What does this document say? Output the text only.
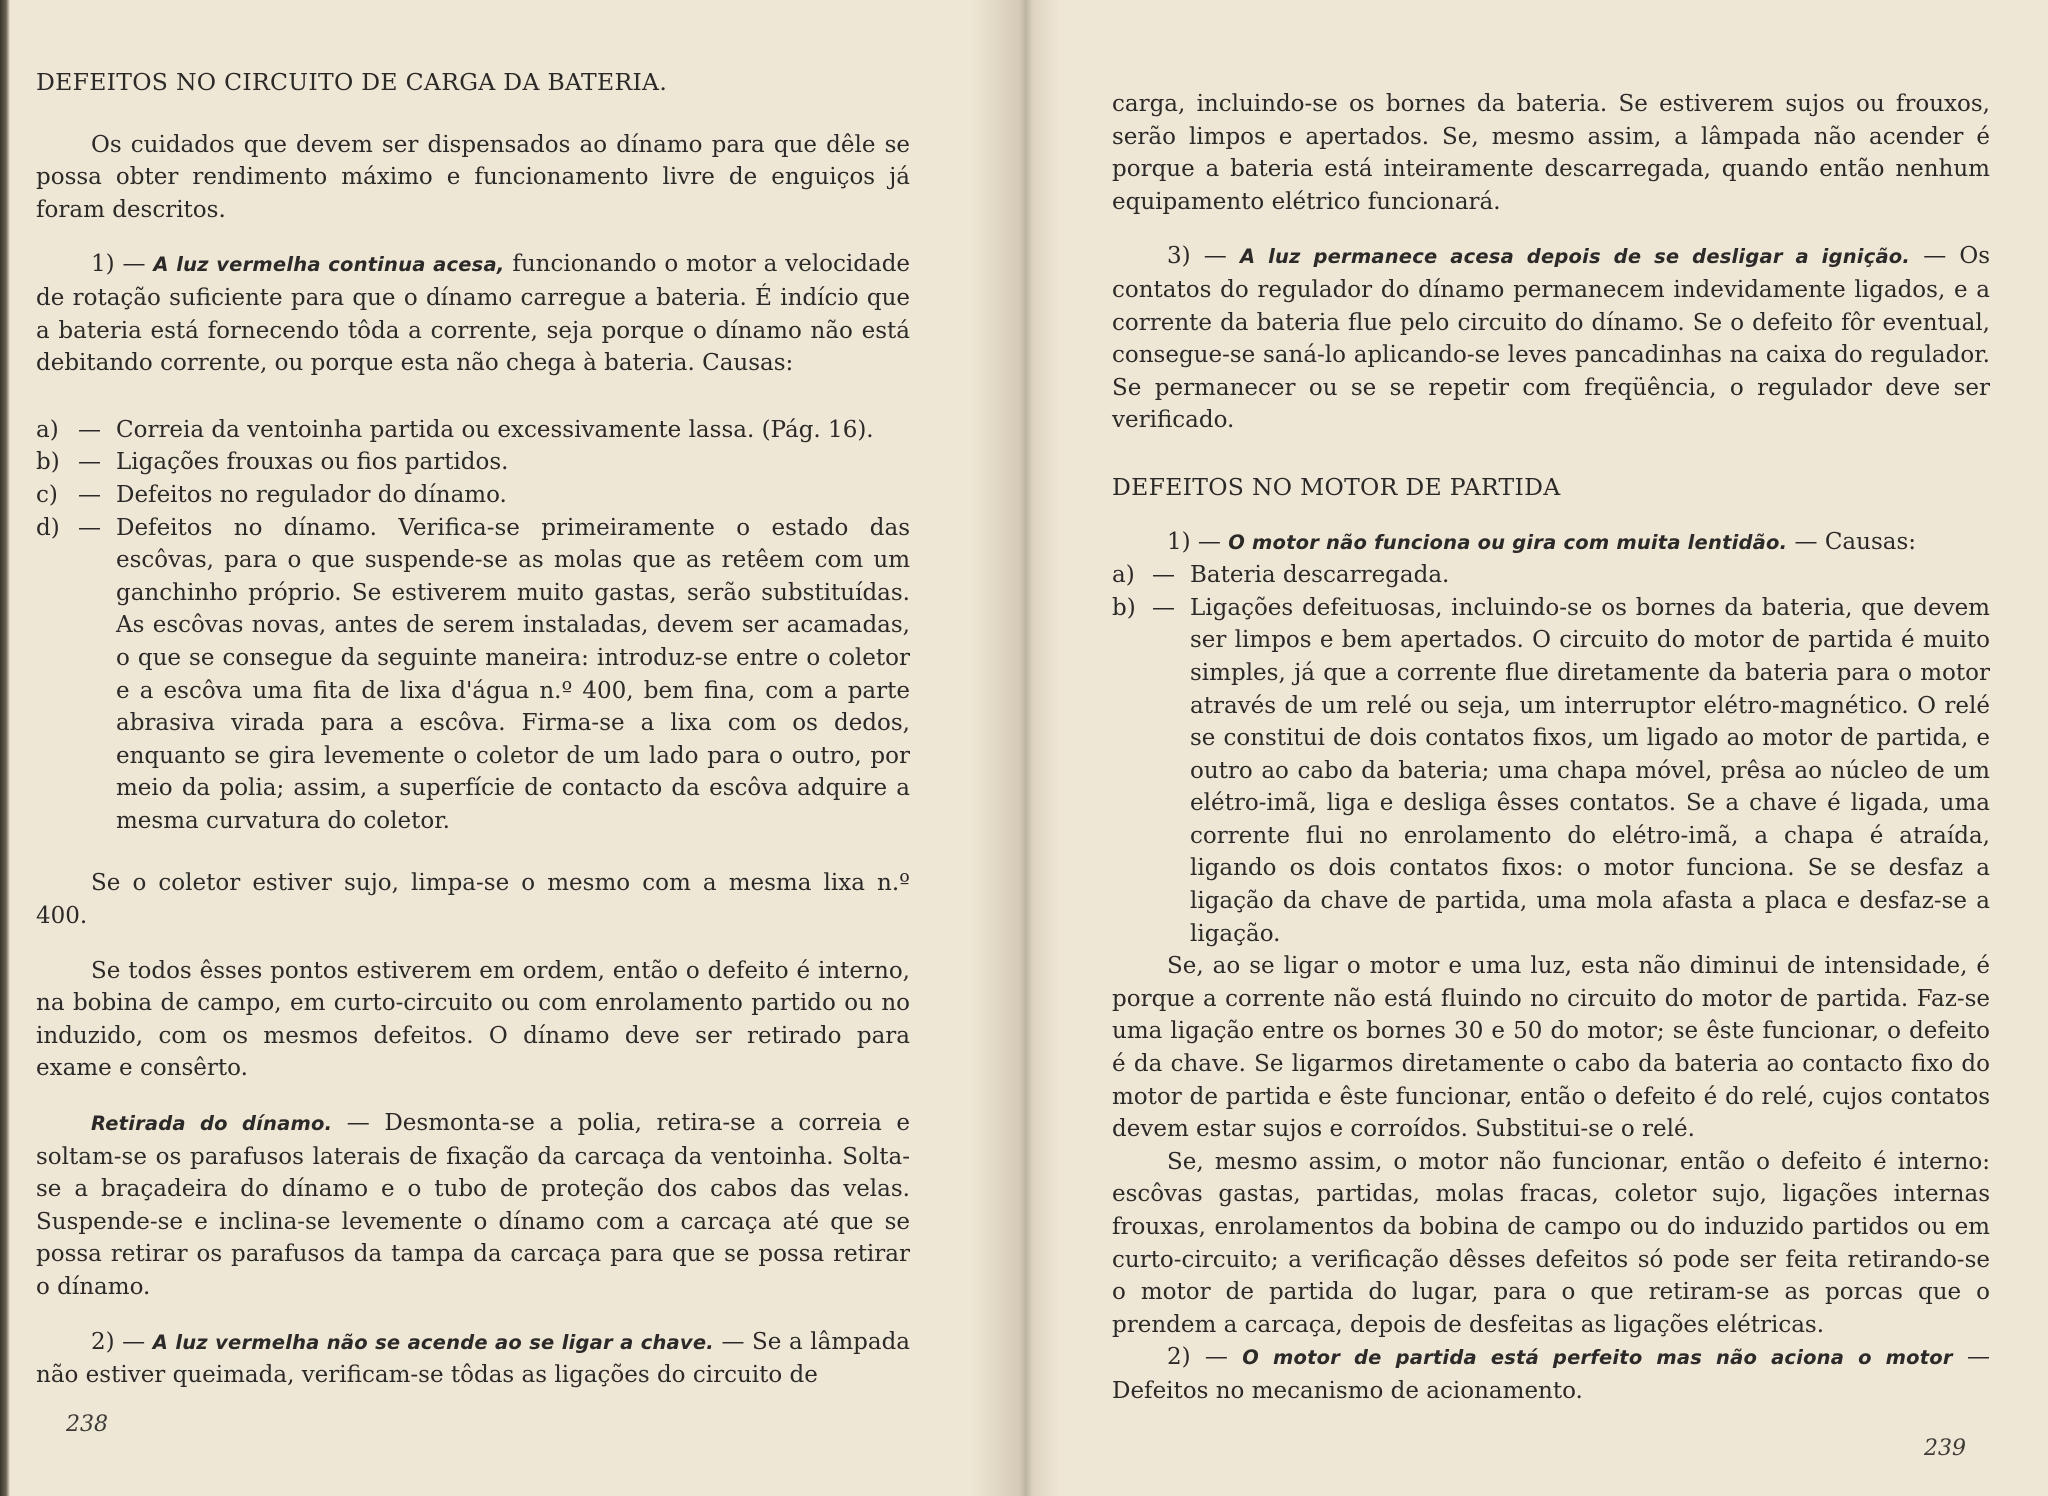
DEFEITOS NO CIRCUITO DE CARGA DA BATERIA.

Os cuidados que devem ser dispensados ao dínamo para que dêle se possa obter rendimento máximo e funcionamento livre de enguiços já foram descritos.

1) — A luz vermelha continua acesa, funcionando o motor a velocidade de rotação suficiente para que o dínamo carregue a bateria. É indício que a bateria está fornecendo tôda a corrente, seja porque o dínamo não está debitando corrente, ou porque esta não chega à bateria. Causas:

a) — Correia da ventoinha partida ou excessivamente lassa. (Pág. 16).
b) — Ligações frouxas ou fios partidos.
c) — Defeitos no regulador do dínamo.
d) — Defeitos no dínamo. Verifica-se primeiramente o estado das escôvas, para o que suspende-se as molas que as retêem com um ganchinho próprio. Se estiverem muito gastas, serão substituídas. As escôvas novas, antes de serem instaladas, devem ser acamadas, o que se consegue da seguinte maneira: introduz-se entre o coletor e a escôva uma fita de lixa d'água n.º 400, bem fina, com a parte abrasiva virada para a escôva. Firma-se a lixa com os dedos, enquanto se gira levemente o coletor de um lado para o outro, por meio da polia; assim, a superfície de contacto da escôva adquire a mesma curvatura do coletor.

Se o coletor estiver sujo, limpa-se o mesmo com a mesma lixa n.º 400.

Se todos êsses pontos estiverem em ordem, então o defeito é interno, na bobina de campo, em curto-circuito ou com enrolamento partido ou no induzido, com os mesmos defeitos. O dínamo deve ser retirado para exame e consêrto.

Retirada do dínamo. — Desmonta-se a polia, retira-se a correia e soltam-se os parafusos laterais de fixação da carcaça da ventoinha. Solta-se a braçadeira do dínamo e o tubo de proteção dos cabos das velas. Suspende-se e inclina-se levemente o dínamo com a carcaça até que se possa retirar os parafusos da tampa da carcaça para que se possa retirar o dínamo.

2) — A luz vermelha não se acende ao se ligar a chave. — Se a lâmpada não estiver queimada, verificam-se tôdas as ligações do circuito de

238

carga, incluindo-se os bornes da bateria. Se estiverem sujos ou frouxos, serão limpos e apertados. Se, mesmo assim, a lâmpada não acender é porque a bateria está inteiramente descarregada, quando então nenhum equipamento elétrico funcionará.

3) — A luz permanece acesa depois de se desligar a ignição. — Os contatos do regulador do dínamo permanecem indevidamente ligados, e a corrente da bateria flue pelo circuito do dínamo. Se o defeito fôr eventual, consegue-se saná-lo aplicando-se leves pancadinhas na caixa do regulador. Se permanecer ou se se repetir com freqüência, o regulador deve ser verificado.

DEFEITOS NO MOTOR DE PARTIDA

1) — O motor não funciona ou gira com muita lentidão. — Causas:

a) — Bateria descarregada.
b) — Ligações defeituosas, incluindo-se os bornes da bateria, que devem ser limpos e bem apertados. O circuito do motor de partida é muito simples, já que a corrente flue diretamente da bateria para o motor através de um relé ou seja, um interruptor elétro-magnético. O relé se constitui de dois contatos fixos, um ligado ao motor de partida, e outro ao cabo da bateria; uma chapa móvel, prêsa ao núcleo de um elétro-imã, liga e desliga êsses contatos. Se a chave é ligada, uma corrente flui no enrolamento do elétro-imã, a chapa é atraída, ligando os dois contatos fixos: o motor funciona. Se se desfaz a ligação da chave de partida, uma mola afasta a placa e desfaz-se a ligação.

Se, ao se ligar o motor e uma luz, esta não diminui de intensidade, é porque a corrente não está fluindo no circuito do motor de partida. Faz-se uma ligação entre os bornes 30 e 50 do motor; se êste funcionar, o defeito é da chave. Se ligarmos diretamente o cabo da bateria ao contacto fixo do motor de partida e êste funcionar, então o defeito é do relé, cujos contatos devem estar sujos e corroídos. Substitui-se o relé.

Se, mesmo assim, o motor não funcionar, então o defeito é interno: escôvas gastas, partidas, molas fracas, coletor sujo, ligações internas frouxas, enrolamentos da bobina de campo ou do induzido partidos ou em curto-circuito; a verificação dêsses defeitos só pode ser feita retirando-se o motor de partida do lugar, para o que retiram-se as porcas que o prendem a carcaça, depois de desfeitas as ligações elétricas.

2) — O motor de partida está perfeito mas não aciona o motor — Defeitos no mecanismo de acionamento.

239
